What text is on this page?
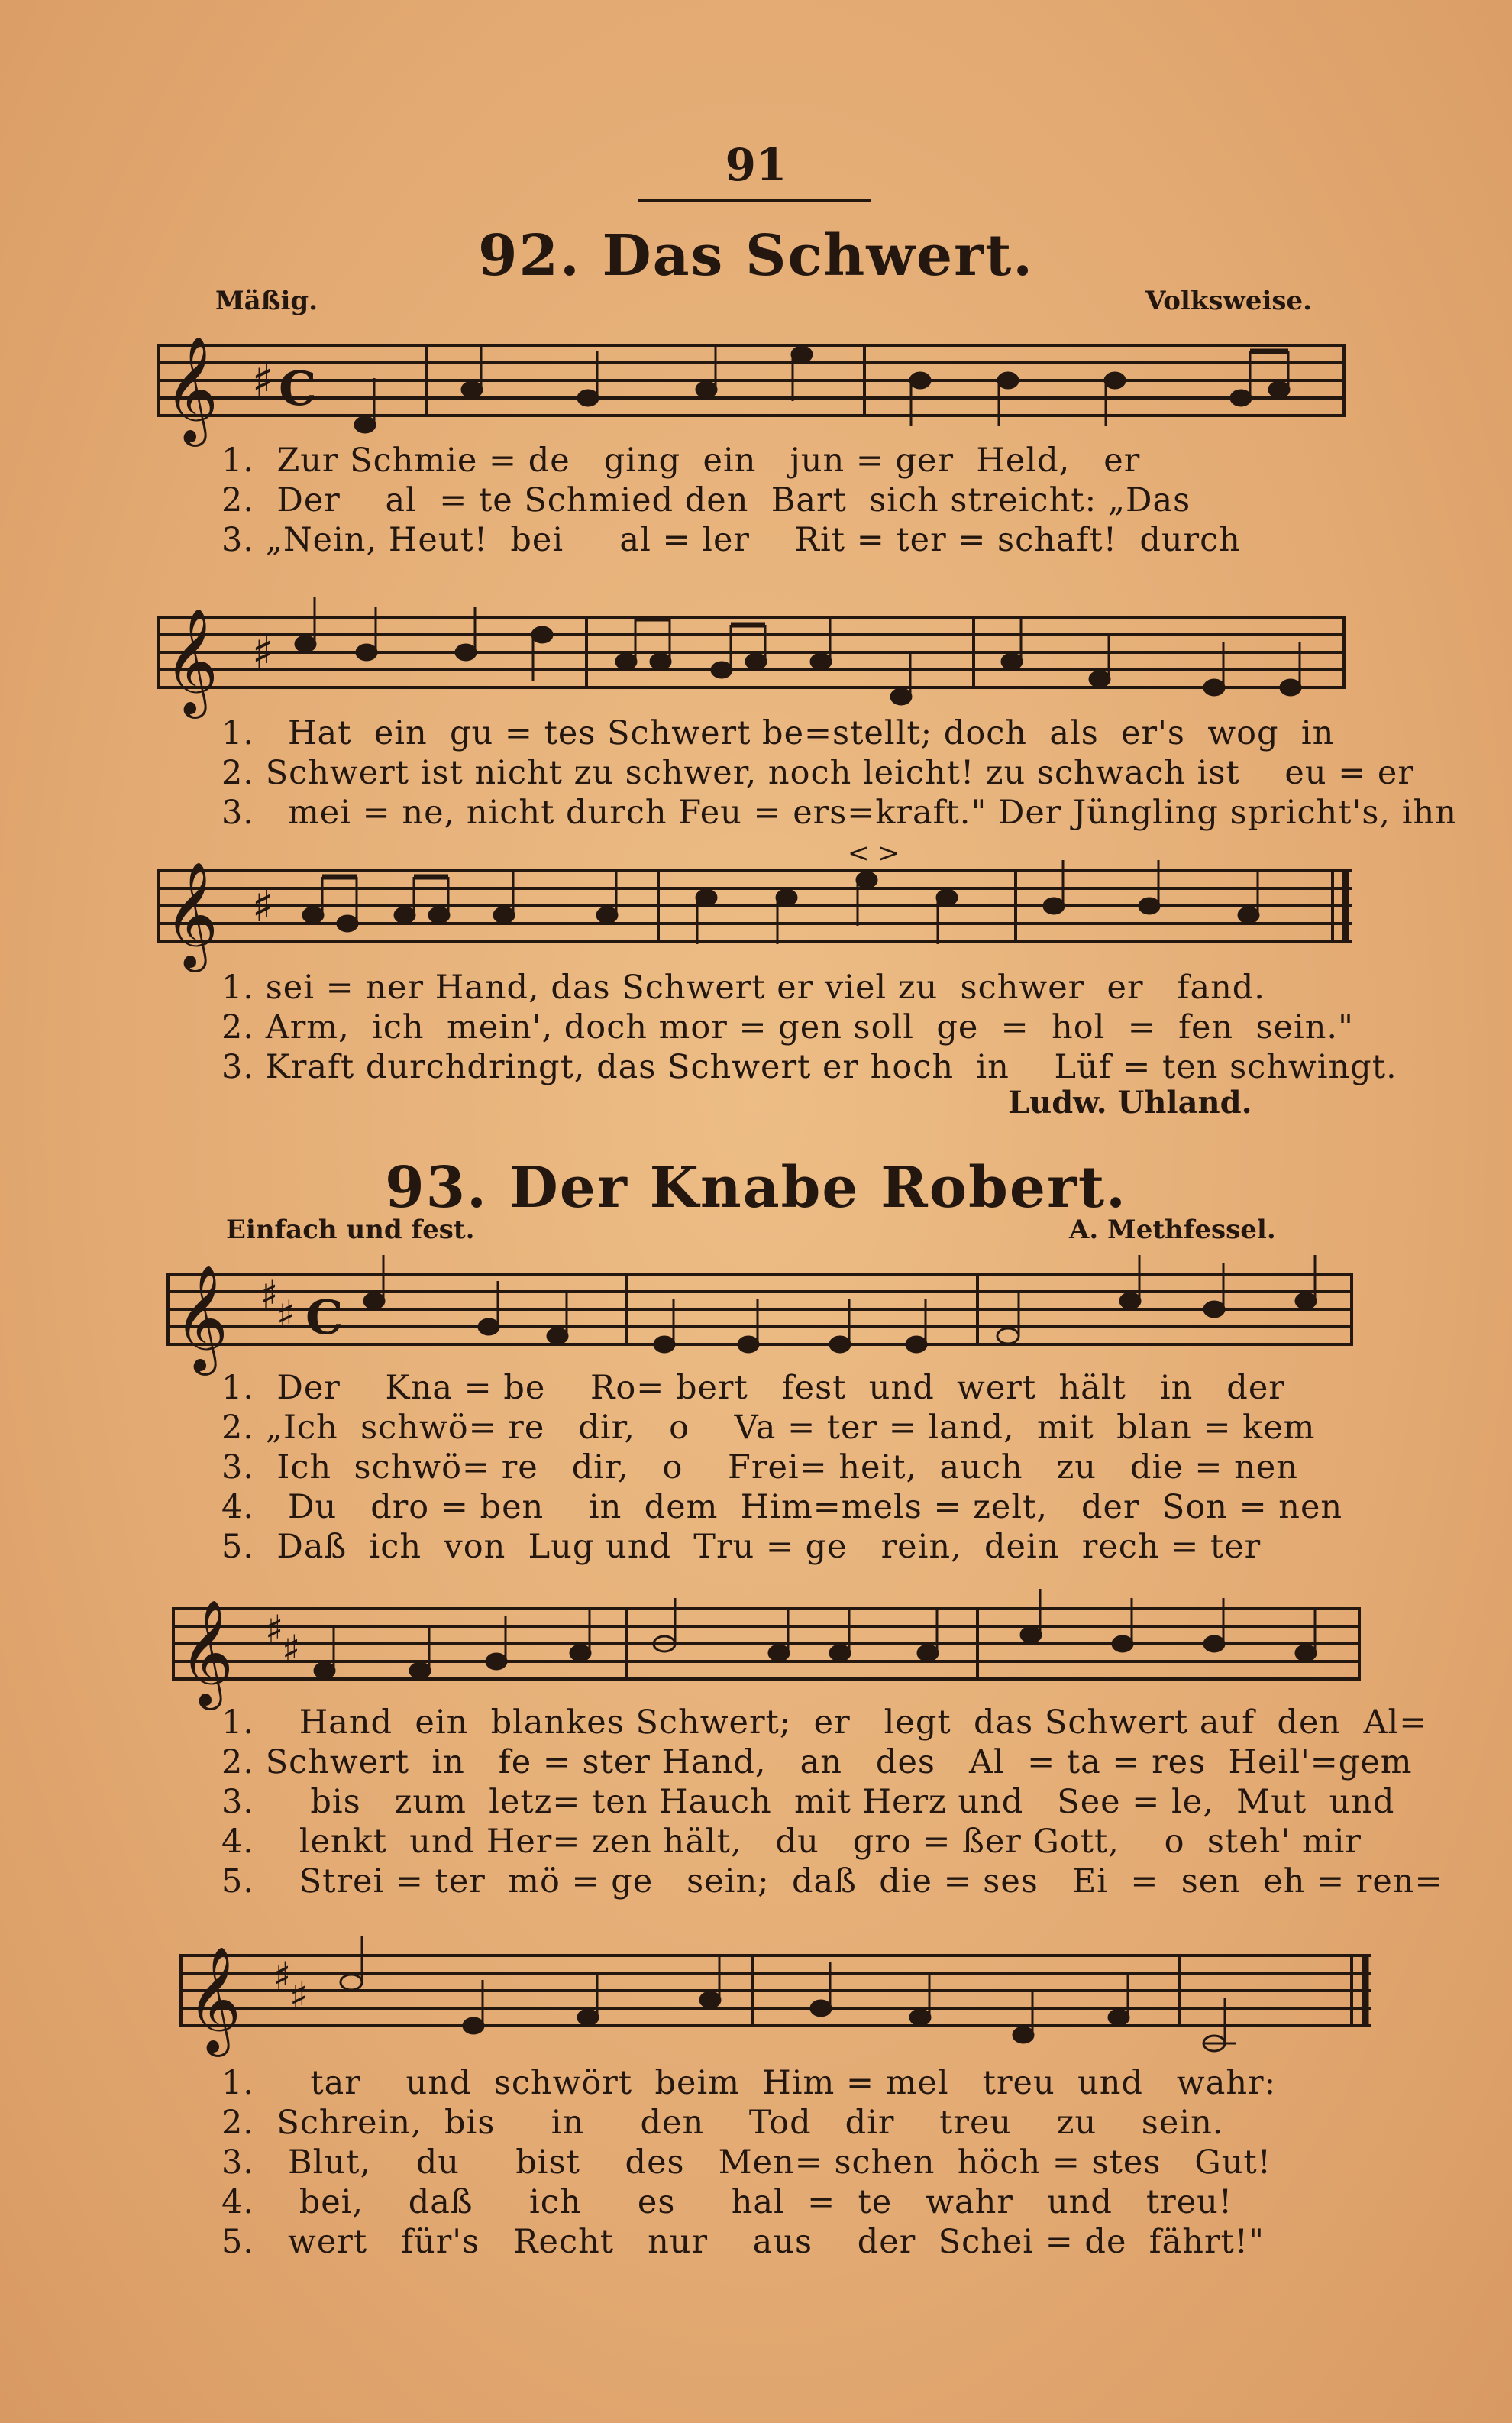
91
92. Das Schwert.
Mäßig.	Volksweise.
𝄞 ♯ C
1.  Zur Schmie = de   ging  ein   jun = ger  Held,   er
2.  Der    al  = te Schmied den  Bart  sich streicht: „Das
3. „Nein, Heut!  bei     al = ler    Rit = ter = schaft!  durch
𝄞 ♯
1.   Hat  ein  gu = tes Schwert be=stellt; doch  als  er's  wog  in
2. Schwert ist nicht zu schwer, noch leicht! zu schwach ist    eu = er
3.   mei = ne, nicht durch Feu = ers=kraft." Der Jüngling spricht's, ihn
𝄞 ♯
< >
1. sei = ner Hand, das Schwert er viel zu  schwer  er   fand.
2. Arm,  ich  mein', doch mor = gen soll  ge  =  hol  =  fen  sein."
3. Kraft durchdringt, das Schwert er hoch  in    Lüf = ten schwingt.
Ludw. Uhland.
93. Der Knabe Robert.
Einfach und fest.	A. Methfessel.
𝄞 ♯
♯ C
1.  Der    Kna = be    Ro= bert   fest  und  wert  hält   in   der
2. „Ich  schwö= re   dir,   o    Va = ter = land,  mit  blan = kem
3.  Ich  schwö= re   dir,   o    Frei= heit,  auch   zu   die = nen
4.   Du   dro = ben    in  dem  Him=mels = zelt,   der  Son = nen
5.  Daß  ich  von  Lug und  Tru = ge   rein,  dein  rech = ter
𝄞 ♯
♯
1.    Hand  ein  blankes Schwert;  er   legt  das Schwert auf  den  Al=
2. Schwert  in   fe = ster Hand,   an   des   Al  = ta = res  Heil'=gem
3.     bis   zum  letz= ten Hauch  mit Herz und   See = le,  Mut  und
4.    lenkt  und Her= zen hält,   du   gro = ßer Gott,    o  steh' mir
5.    Strei = ter  mö = ge   sein;  daß  die = ses   Ei  =  sen  eh = ren=
𝄞 ♯
♯
1.     tar    und  schwört  beim  Him = mel   treu  und   wahr:
2.  Schrein,  bis     in     den    Tod   dir    treu    zu    sein.
3.   Blut,    du     bist    des   Men= schen  höch = stes   Gut!
4.    bei,    daß     ich     es     hal  =  te   wahr   und   treu!
5.   wert   für's   Recht   nur    aus    der  Schei = de  fährt!"
